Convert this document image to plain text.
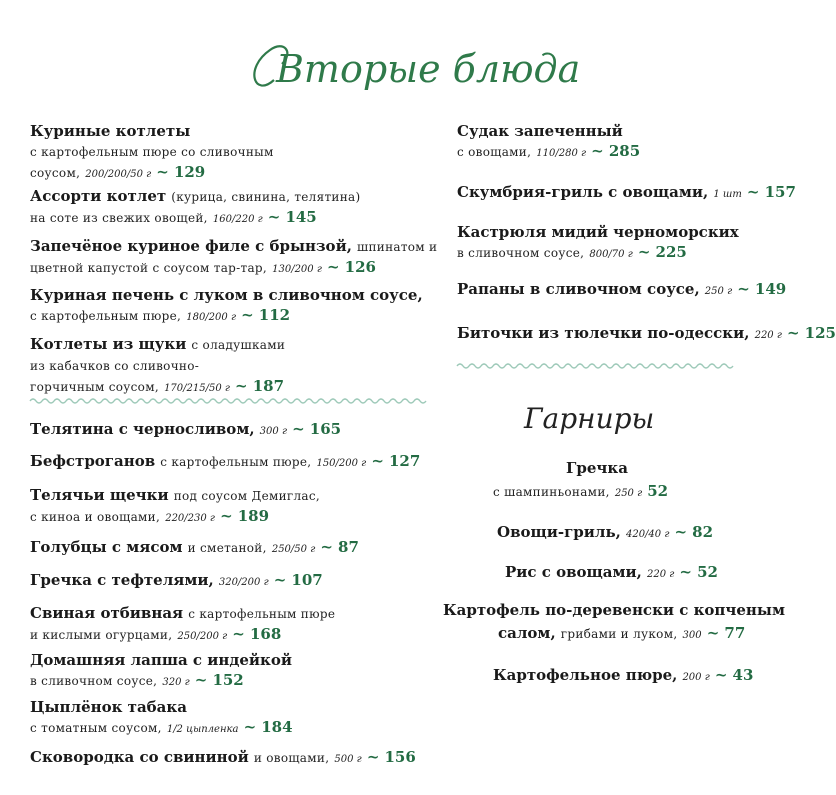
Вторые блюда
Куриные котлеты
с картофельным пюре со сливочным
соусом, 200/200/50 г ~ 129
Ассорти котлет (курица, свинина, телятина)
на соте из свежих овощей, 160/220 г ~ 145
Запечёное куриное филе с брынзой, шпинатом и
цветной капустой с соусом тар-тар, 130/200 г ~ 126
Куриная печень с луком в сливочном соусе,
с картофельным пюре, 180/200 г ~ 112
Котлеты из щуки с оладушками
из кабачков со сливочно-
горчичным соусом, 170/215/50 г ~ 187
Телятина с черносливом, 300 г ~ 165
Бефстроганов с картофельным пюре, 150/200 г ~ 127
Телячьи щечки под соусом Демиглас,
с киноа и овощами, 220/230 г ~ 189
Голубцы с мясом и сметаной, 250/50 г ~ 87
Гречка с тефтелями, 320/200 г ~ 107
Свиная отбивная с картофельным пюре
и кислыми огурцами, 250/200 г ~ 168
Домашняя лапша с индейкой
в сливочном соусе, 320 г ~ 152
Цыплёнок табака
с томатным соусом, 1/2 цыпленка ~ 184
Сковородка со свининой и овощами, 500 г ~ 156
Судак запеченный
с овощами, 110/280 г ~ 285
Скумбрия-гриль с овощами, 1 шт ~ 157
Кастрюля мидий черноморских
в сливочном соусе, 800/70 г ~ 225
Рапаны в сливочном соусе, 250 г ~ 149
Биточки из тюлечки по-одесски, 220 г ~ 125
Гарниры
Гречка
с шампиньонами, 250 г 52
Овощи-гриль, 420/40 г ~ 82
Рис с овощами, 220 г ~ 52
Картофель по-деревенски с копченым
салом, грибами и луком, 300 ~ 77
Картофельное пюре, 200 г ~ 43
